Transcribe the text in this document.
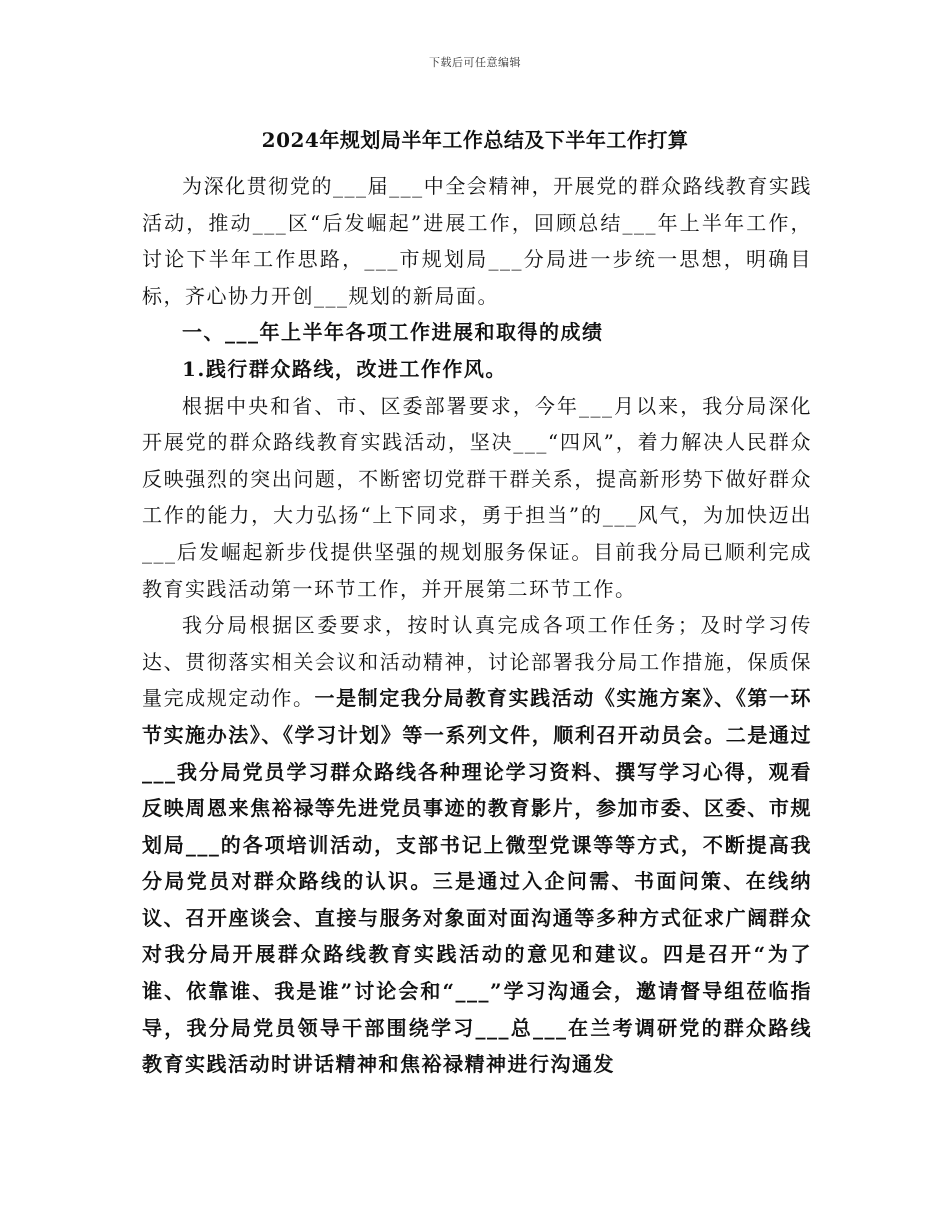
下载后可任意编辑
2024年规划局半年工作总结及下半年工作打算

为深化贯彻党的___届___中全会精神，开展党的群众路线教育实践活动，推动___区“后发崛起”进展工作，回顾总结___年上半年工作，讨论下半年工作思路，___市规划局___分局进一步统一思想，明确目标，齐心协力开创___规划的新局面。

一、___年上半年各项工作进展和取得的成绩

1.践行群众路线，改进工作作风。

根据中央和省、市、区委部署要求，今年___月以来，我分局深化开展党的群众路线教育实践活动，坚决___“四风”，着力解决人民群众反映强烈的突出问题，不断密切党群干群关系，提高新形势下做好群众工作的能力，大力弘扬“上下同求，勇于担当”的___风气，为加快迈出___后发崛起新步伐提供坚强的规划服务保证。目前我分局已顺利完成教育实践活动第一环节工作，并开展第二环节工作。

我分局根据区委要求，按时认真完成各项工作任务；及时学习传达、贯彻落实相关会议和活动精神，讨论部署我分局工作措施，保质保量完成规定动作。一是制定我分局教育实践活动《实施方案》、《第一环节实施办法》、《学习计划》等一系列文件，顺利召开动员会。二是通过___我分局党员学习群众路线各种理论学习资料、撰写学习心得，观看反映周恩来焦裕禄等先进党员事迹的教育影片，参加市委、区委、市规划局___的各项培训活动，支部书记上微型党课等等方式，不断提高我分局党员对群众路线的认识。三是通过入企问需、书面问策、在线纳议、召开座谈会、直接与服务对象面对面沟通等多种方式征求广阔群众对我分局开展群众路线教育实践活动的意见和建议。四是召开“为了谁、依靠谁、我是谁”讨论会和“___”学习沟通会，邀请督导组莅临指导，我分局党员领导干部围绕学习___总___在兰考调研党的群众路线教育实践活动时讲话精神和焦裕禄精神进行沟通发
